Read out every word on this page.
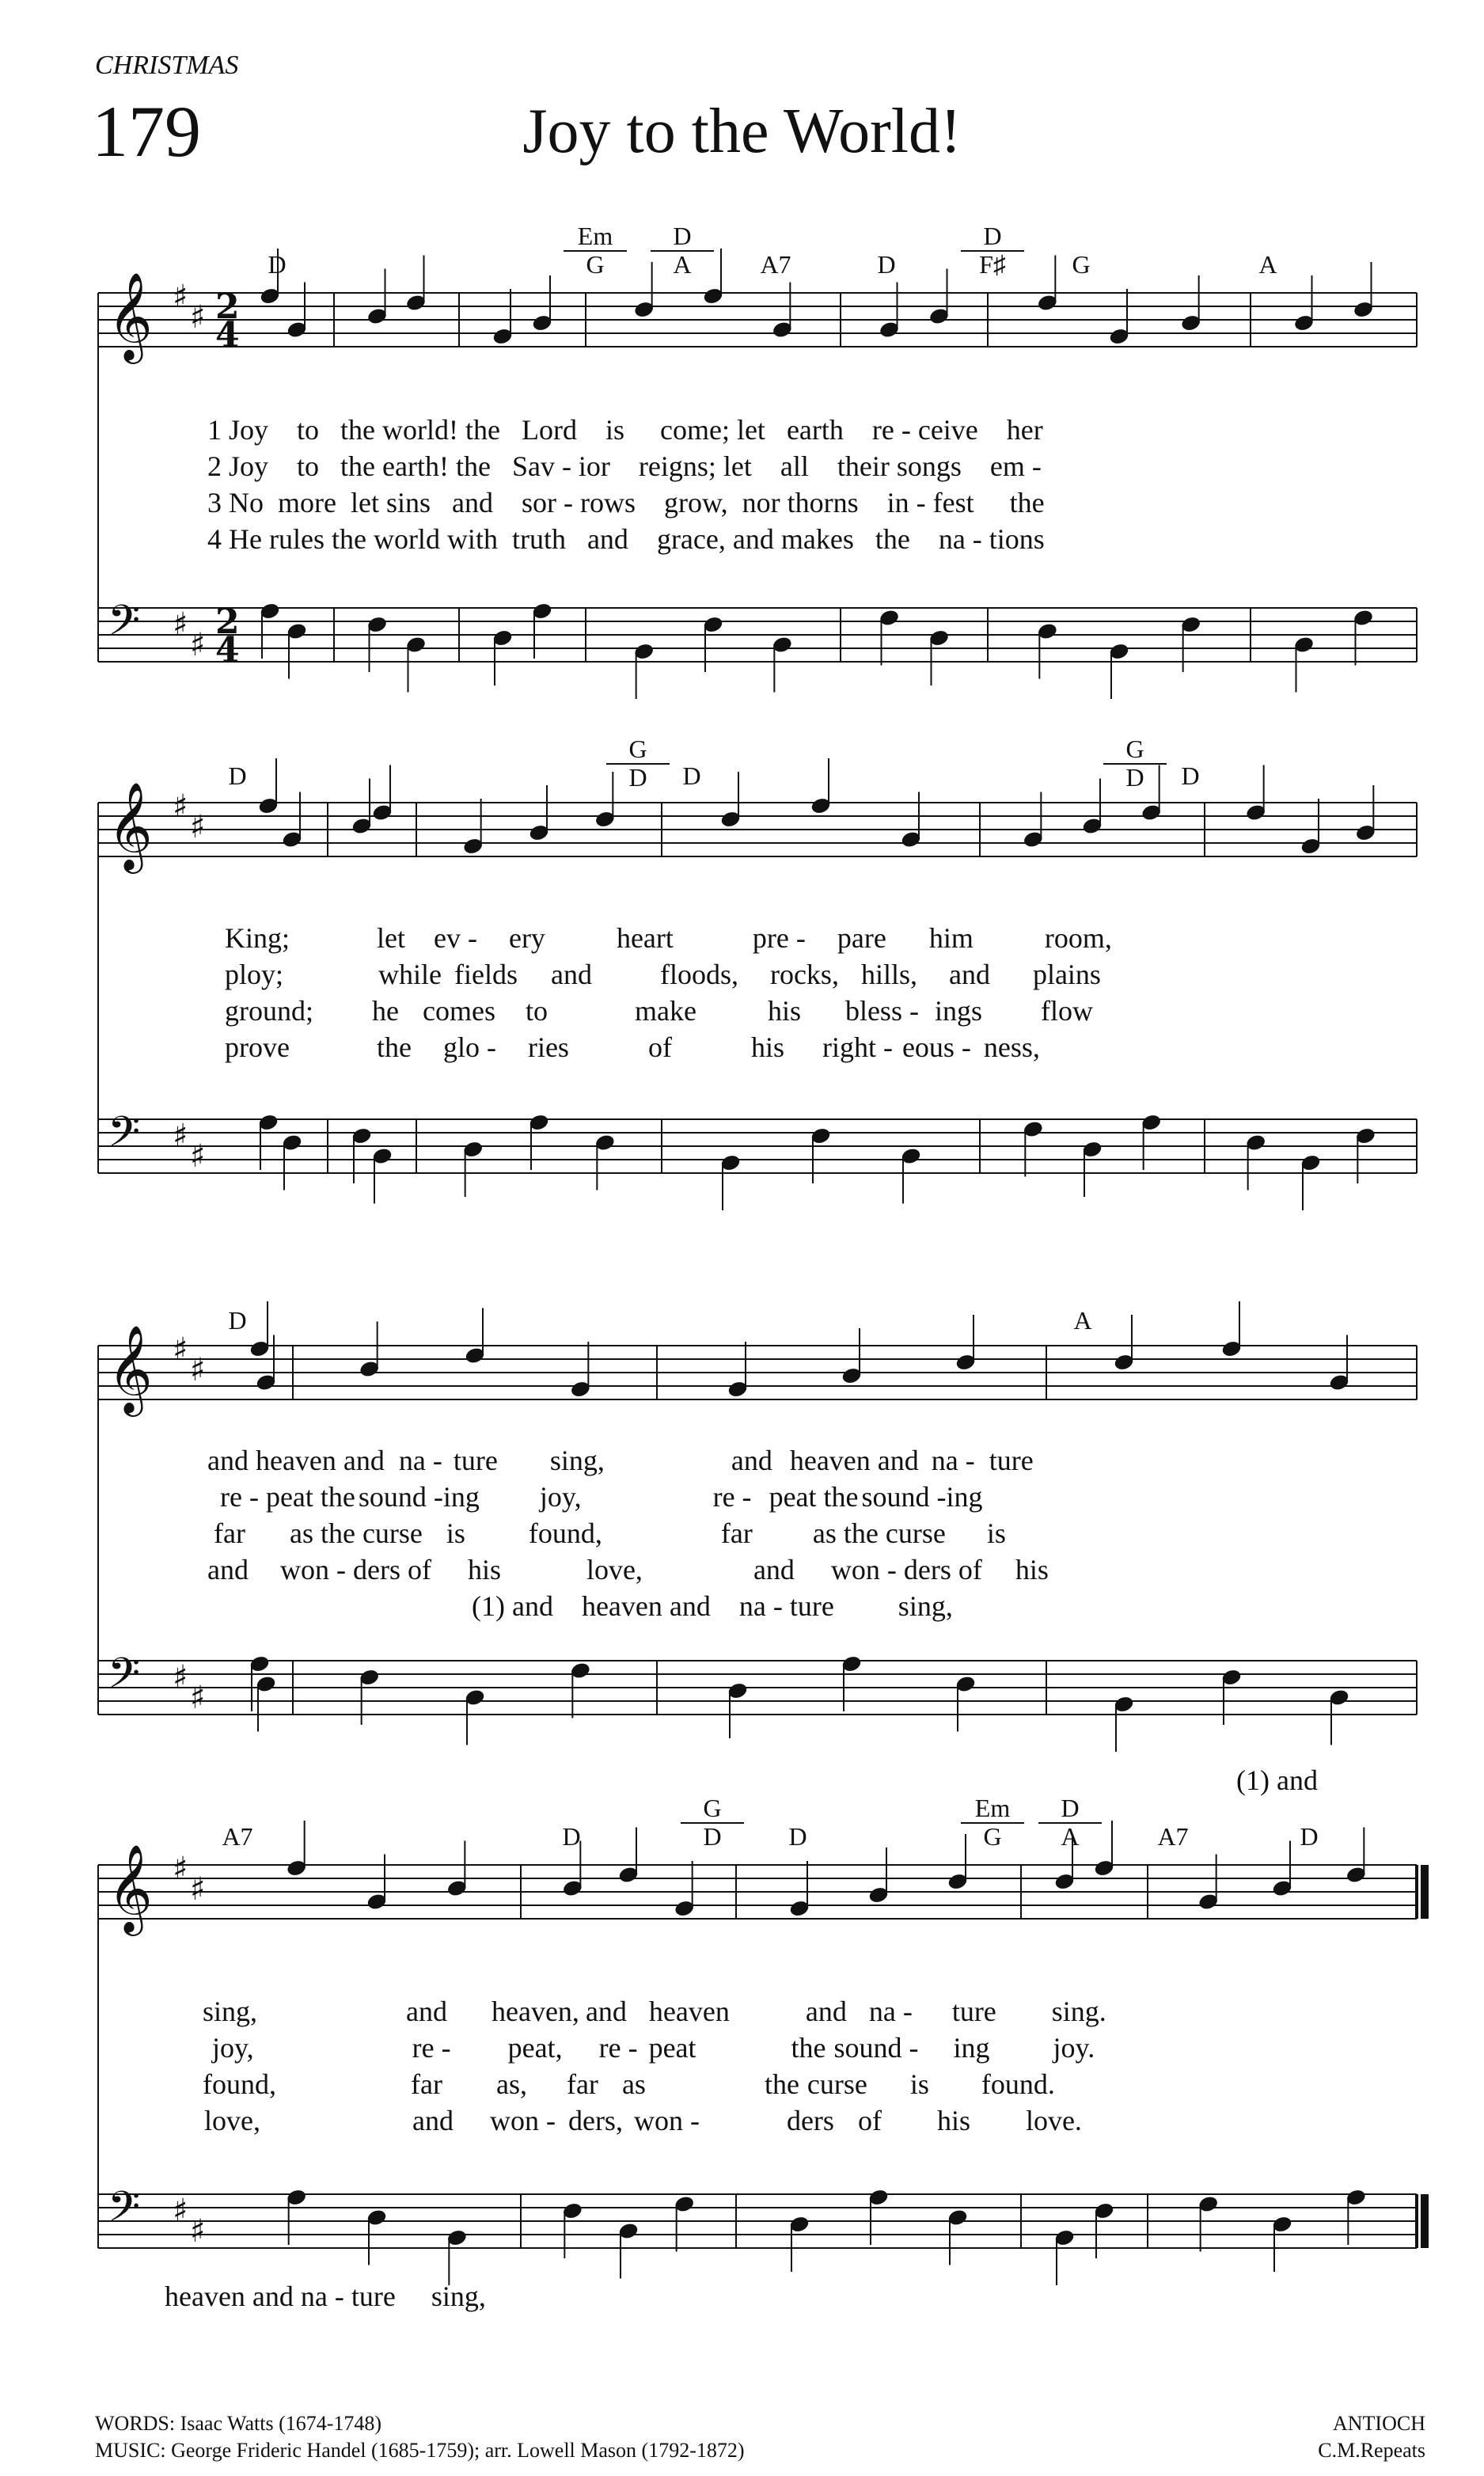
CHRISTMAS
179	Joy to the World!
D
Em
G
D
A	A7	D
D
F♯	G	A
1 Joy to the world! the Lord is come; let earth re - ceive her
2 Joy to the earth! the Sav - ior reigns; let all their songs em -
3 No more let sins and sor - rows grow, nor thorns in - fest the
4 He rules the world with truth and grace, and makes the na - tions
D
G
D	D
G
D	D
King;	let ev - ery	heart	pre - pare him	room,
ploy;	while fields and floods, rocks, hills, and plains
ground; he comes to	make	his bless - ings flow
prove	the glo - ries	of	his right - eous - ness,
D	A
and heaven and na - ture sing,	and heaven and na - ture
re - peat the sound -ing joy,	re - peat the sound -ing
far as the curse is found,	far as the curse is
and won - ders of his	love,	and won - ders of his
(1) and    heaven and    na - ture         sing,
(1) and
A7	D
G
D	D
Em
G
D
A	A7	D
sing,	and heaven, and heaven	and na - ture sing.
joy,	re - peat, re - peat	the sound - ing joy.
found,	far as, far as	the curse is found.
love,	and won - ders, won -	ders of his love.
heaven and na - ture     sing,
𝄞 ♯
♯ 2
4
𝄢 ♯
♯
2
4
𝄞 ♯
♯
𝄢 ♯
♯
𝄞 ♯
♯
𝄢 ♯
♯
𝄞 ♯
♯
𝄢 ♯
♯
WORDS: Isaac Watts (1674-1748)
MUSIC: George Frideric Handel (1685-1759); arr. Lowell Mason (1792-1872)
ANTIOCH
C.M.Repeats
